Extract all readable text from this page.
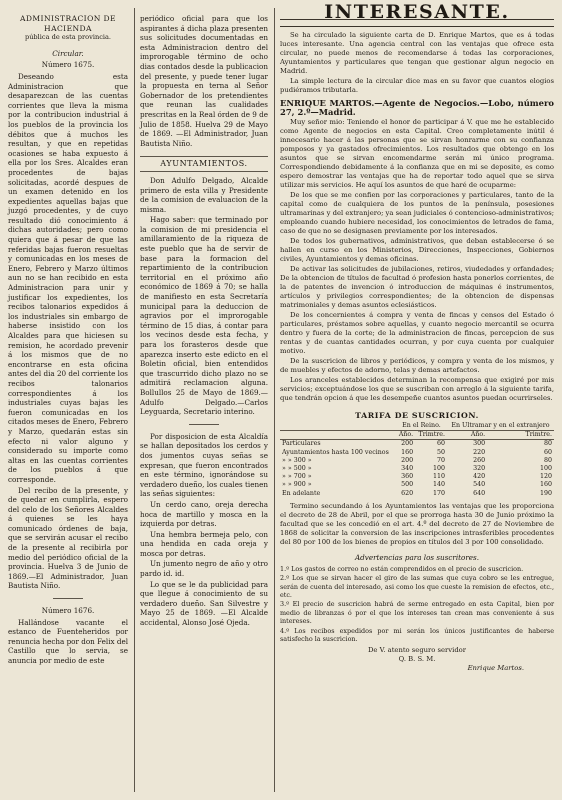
ADMINISTRACION DE HACIENDA

pública de esta provincia.

Circular.

Número 1675.

Deseando esta Administracion que desaparezcan de las cuentas corrientes que lleva la misma por la contribucion industrial á los pueblos de la provincia los débitos que á muchos les resultan, y que en repetidas ocasiones se haba expuesto á ella por los Sres. Alcaldes eran procedentes de bajas solicitadas, acordé despues de un examen detenido en los expedientes aquellas bajas que juzgó procedentes, y de cuyo resultado dió conocimiento á dichas autoridades; pero como quiera que á pesar de que las referidas bajas fueron resueltas y comunicadas en los meses de Enero, Febrero y Marzo últimos aun no se han recibido en esta Administracion para unir y justificar los expedientes, los recibos talonarios expedidos á los industriales sin embargo de haberse insistido con los Alcaldes para que hiciesen su remision, he acordado prevenir á los mismos que de no encontrarse en esta oficina antes del dia 20 del corriente los recibos talonarios correspondientes á los industriales cuyas bajas les fueron comunicadas en los citados meses de Enero, Febrero y Marzo, quedarán estas sin efecto ni valor alguno y considerado su importe como altas en las cuentas corrientes de los pueblos á que corresponde.

Del recibo de la presente, y de quedar en cumplirla, espero del celo de los Señores Alcaldes á quienes se les haya comunicado órdenes de baja, que se servirán acusar el recibo de la presente al recibirla por medio del periódico oficial de la provincia. Huelva 3 de Junio de 1869.—El Administrador, Juan Bautista Niño.

Número 1676.

Hallándose vacante el estanco de Fuenteheridos por renuncia hecha por don Felix del Castillo que lo servia, se anuncia por medio de este

periódico oficial para que los aspirantes á dicha plaza presenten sus solicitudes documentadas en esta Administracion dentro del improrogable término de ocho dias contados desde la publicacion del presente, y puede tener lugar la propuesta en terna al Señor Gobernador de los pretendientes que reunan las cualidades prescritas en la Real órden de 9 de Julio de 1858. Huelva 29 de Mayo de 1869. —El Administrador, Juan Bautista Niño.

AYUNTAMIENTOS.

Don Adulfo Delgado, Alcalde primero de esta villa y Presidente de la comision de evaluacion de la misma.

Hago saber: que terminado por la comision de mi presidencia el amillaramiento de la riqueza de este pueblo que ha de servir de base para la formacion del repartimiento de la contribucion territorial en el próximo año económico de 1869 á 70; se halla de manifiesto en esta Secretaría municipal para la deduccion de agravios por el improrogable término de 15 dias, á contar para los vecinos desde esta fecha, y para los forasteros desde que aparezca inserto este edicto en el Boletin oficial, bien entendidos que trascurrido dicho plazo no se admitirá reclamacion alguna. Bollullos 25 de Mayo de 1869.—Adulfo Delgado.—Carlos Leyguarda, Secretario interino.

Por disposicion de esta Alcaldía se hallan depositados los cerdos y dos jumentos cuyas señas se expresan, que fueron encontrados en este término, ignorándose su verdadero dueño, los cuales tienen las señas siguientes:

Un cerdo cano, oreja derecha hoca de martillo y mosca en la izquierda por detras.

Una hembra bermeja pelo, con una hendida en cada oreja y mosca por detras.

Un jumento negro de año y otro pardo id. id.

Lo que se le da publicidad para que llegue á conocimiento de su verdadero dueño. San Silvestre y Mayo 25 de 1869. —El Alcalde accidental, Alonso José Ojeda.

INTERESANTE.

Se ha circulado la siguiente carta de D. Enrique Martos, que es á todas luces interesante. Una agencia central con las ventajas que ofrece esta circular, no puede menos de recomendarse á todas las corporaciones, Ayuntamientos y particulares que tengan que gestionar algun negocio en Madrid.

La simple lectura de la circular dice mas en su favor que cuantos elogios pudiéramos tributarla.

ENRIQUE MARTOS.—Agente de Negocios.—Lobo, número 27, 2.º—Madrid.

Muy señor mio: Teniendo el honor de participar á V. que me he establecido como Agente de negocios en esta Capital. Creo completamente inútil é innecesario hacer á las personas que se sirvan honrarme con su confianza pomposos y ya gastados ofrecimientos. Los resultados que obtengo en los asuntos que se sirvan encomendarme serán mi único programa. Correspondiendo debidamente á la confianza que en mi se deposite, es como espero demostrar las ventajas que ha de reportar todo aquel que se sirva utilizar mis servicios. He aquí los asuntos de que haré de ocuparme:

De los que se me confien por las corporaciones y particulares, tanto de la capital como de cualquiera de los puntos de la península, posesiones ultramarinas y del extranjero; ya sean judiciales ó contencioso-administrativos; empleando cuando hubiere necesidad, los conocimientos de letrados de fama, caso de que no se designasen previamente por los interesados.

De todos los gubernativos, administrativos, que deban establecerse ó se hallen en curso en los Ministerios, Direcciones, Inspecciones, Gobiernos civiles, Ayuntamientos y demas oficinas.

De activar las solicitudes de jubilaciones, retiros, viudedades y orfandades; De la obtencion de títulos de facultad ó profesion hasta ponerlos corrientes, de la de patentes de invencion ó introduccion de máquinas é instrumentos, artículos y privilegios correspondientes; de la obtencion de dispensas matrimoniales y demas asuntos eclesiásticos.

De los concernientes á compra y venta de fincas y censos del Estado ó particulares, préstamos sobre aquellas, y cuanto negocio mercantil se ocurra dentro y fuera de la corte; de la administracion de fincas, percepcion de sus rentas y de cuantas cantidades ocurran, y por cuya cuenta por cualquier motivo.

De la suscricion de libros y periódicos, y compra y venta de los mismos, y de muebles y efectos de adorno, telas y demas artefactos.

Los aranceles establecidos determinan la recompensa que exigiré por mis servicios; exceptuándose los que se suscriban con arreglo á la siguiente tarifa, que tendrán opcion á que les desempeñe cuantos asuntos puedan ocurrirseles.

TARIFA DE SUSCRICION.

	En el Reino.		En Ultramar y en el extranjero	
	Año.	Trimtre.	Año.	Trimtre.
Particulares	200	60	300	80
Ayuntamientos hasta 100 vecinos	160	50	220	60
» » 300 »	200	70	260	80
» » 500 »	340	100	320	100
» » 700 »	360	110	420	120
» » 900 »	500	140	540	160
En adelante	620	170	640	190

Termino secundando á los Ayuntamientos las ventajas que les proporciona el decreto de 28 de Abril, por el que se prorroga hasta 30 de Junio próximo la facultad que se les concedió en el art. 4.º del decreto de 27 de Noviembre de 1868 de solicitar la conversion de las inscripciones intrasferibles procedentes del 80 por 100 de los bienes de propios en títulos del 3 por 100 consolidado.

Advertencias para los suscritores.

1.º Los gastos de correo no están comprendidos en el precio de suscricion.

2.º Los que se sirvan hacer el giro de las sumas que cuya cobro se les entregue, serán de cuenta del interesado, asi como los que cueste la remision de efectos, etc., etc.

3.º El precio de suscricion habrá de serme entregado en esta Capital, bien por medio de libranzas ó por el que los intereses tan crean mas conveniente á sus intereses.

4.º Los recibos expedidos por mi serán los únicos justificantes de haberse satisfecho la suscricion.

De V. atento seguro servidor

Q. B. S. M.

Enrique Martos.
